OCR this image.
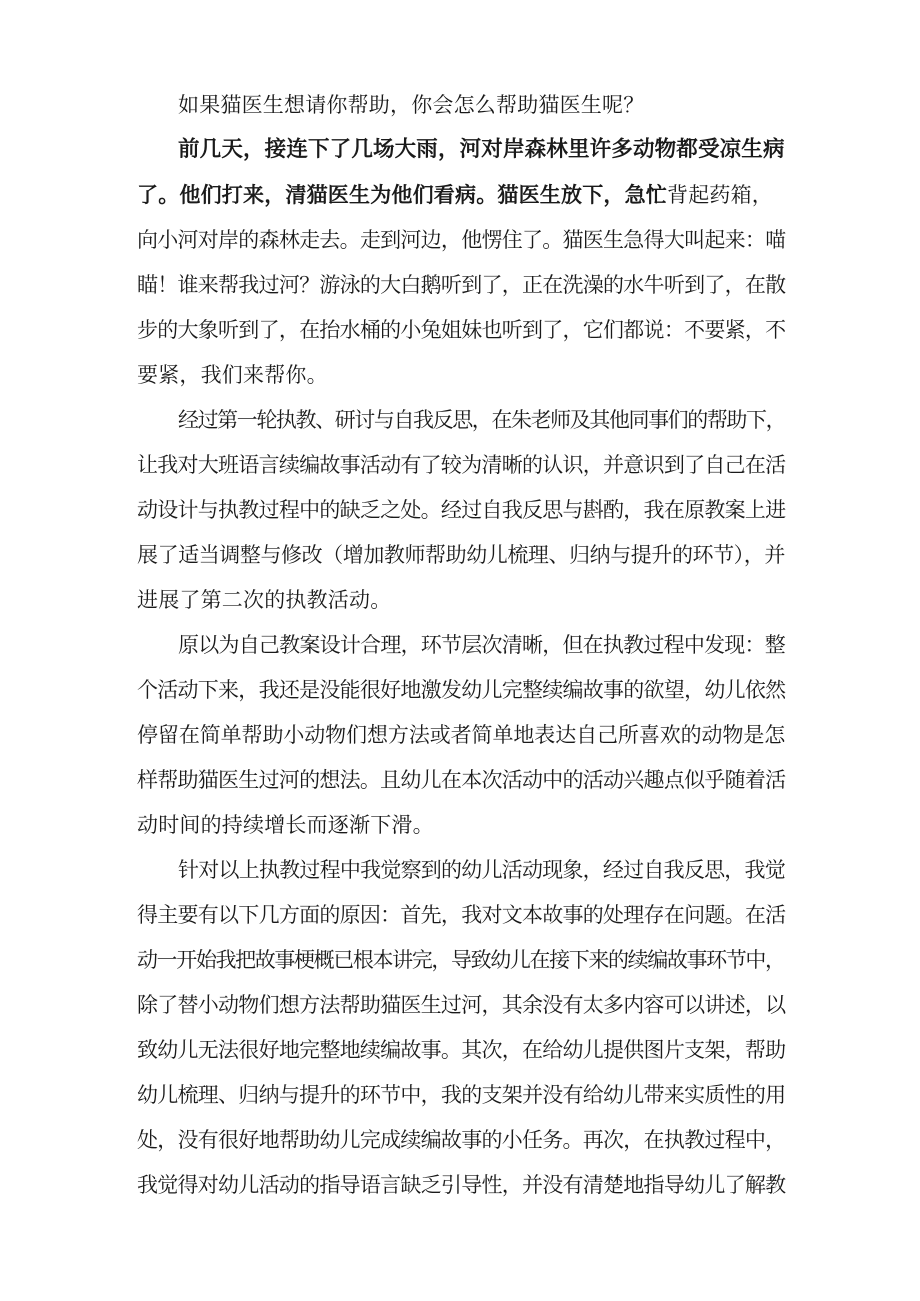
如果猫医生想请你帮助，你会怎么帮助猫医生呢？
前几天，接连下了几场大雨，河对岸森林里许多动物都受凉生病
了。他们打来，清猫医生为他们看病。猫医生放下，急忙背起药箱，
向小河对岸的森林走去。走到河边，他愣住了。猫医生急得大叫起来：喵
瞄！谁来帮我过河？游泳的大白鹅听到了，正在洗澡的水牛听到了，在散
步的大象听到了，在抬水桶的小兔姐妹也听到了，它们都说：不要紧，不
要紧，我们来帮你。
经过第一轮执教、研讨与自我反思，在朱老师及其他同事们的帮助下，
让我对大班语言续编故事活动有了较为清晰的认识，并意识到了自己在活
动设计与执教过程中的缺乏之处。经过自我反思与斟酌，我在原教案上进
展了适当调整与修改（增加教师帮助幼儿梳理、归纳与提升的环节），并
进展了第二次的执教活动。
原以为自己教案设计合理，环节层次清晰，但在执教过程中发现：整
个活动下来，我还是没能很好地激发幼儿完整续编故事的欲望，幼儿依然
停留在简单帮助小动物们想方法或者简单地表达自己所喜欢的动物是怎
样帮助猫医生过河的想法。且幼儿在本次活动中的活动兴趣点似乎随着活
动时间的持续增长而逐渐下滑。
针对以上执教过程中我觉察到的幼儿活动现象，经过自我反思，我觉
得主要有以下几方面的原因：首先，我对文本故事的处理存在问题。在活
动一开始我把故事梗概已根本讲完，导致幼儿在接下来的续编故事环节中，
除了替小动物们想方法帮助猫医生过河，其余没有太多内容可以讲述，以
致幼儿无法很好地完整地续编故事。其次，在给幼儿提供图片支架，帮助
幼儿梳理、归纳与提升的环节中，我的支架并没有给幼儿带来实质性的用
处，没有很好地帮助幼儿完成续编故事的小任务。再次，在执教过程中，
我觉得对幼儿活动的指导语言缺乏引导性，并没有清楚地指导幼儿了解教
